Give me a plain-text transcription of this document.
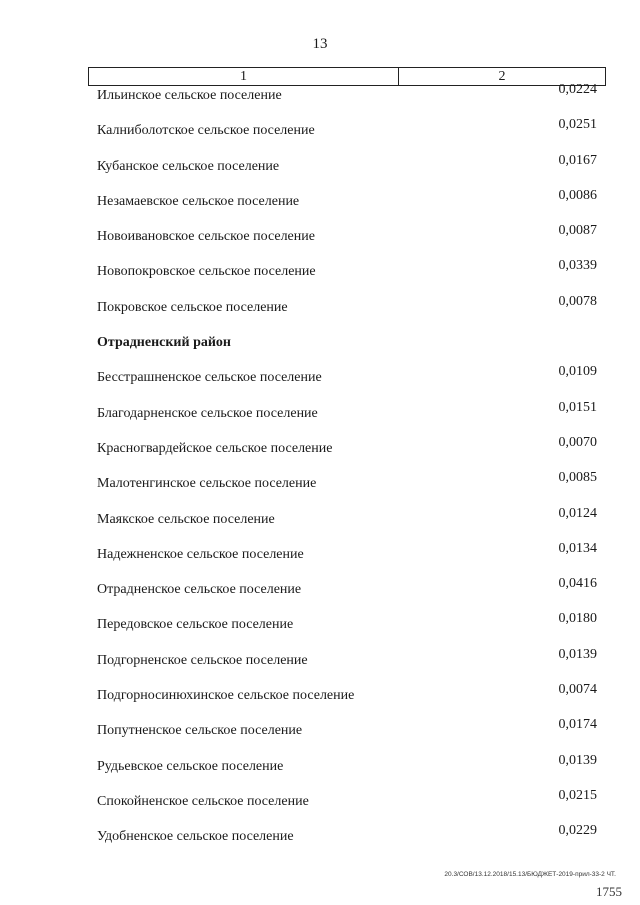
13
1	2
Ильинское сельское поселение	0,0224
Калниболотское сельское поселение	0,0251
Кубанское сельское поселение	0,0167
Незамаевское сельское поселение	0,0086
Новоивановское сельское поселение	0,0087
Новопокровское сельское поселение	0,0339
Покровское сельское поселение	0,0078
Отрадненский район
Бесстрашненское сельское поселение	0,0109
Благодарненское сельское поселение	0,0151
Красногвардейское сельское поселение	0,0070
Малотенгинское сельское поселение	0,0085
Маякское сельское поселение	0,0124
Надежненское сельское поселение	0,0134
Отрадненское сельское поселение	0,0416
Передовское сельское поселение	0,0180
Подгорненское сельское поселение	0,0139
Подгорносинюхинское сельское поселение	0,0074
Попутненское сельское поселение	0,0174
Рудьевское сельское поселение	0,0139
Спокойненское сельское поселение	0,0215
Удобненское сельское поселение	0,0229
20.3/СОВ/13.12.2018/15.13/БЮДЖЕТ-2019-прил-33-2 ЧТ.
1755
